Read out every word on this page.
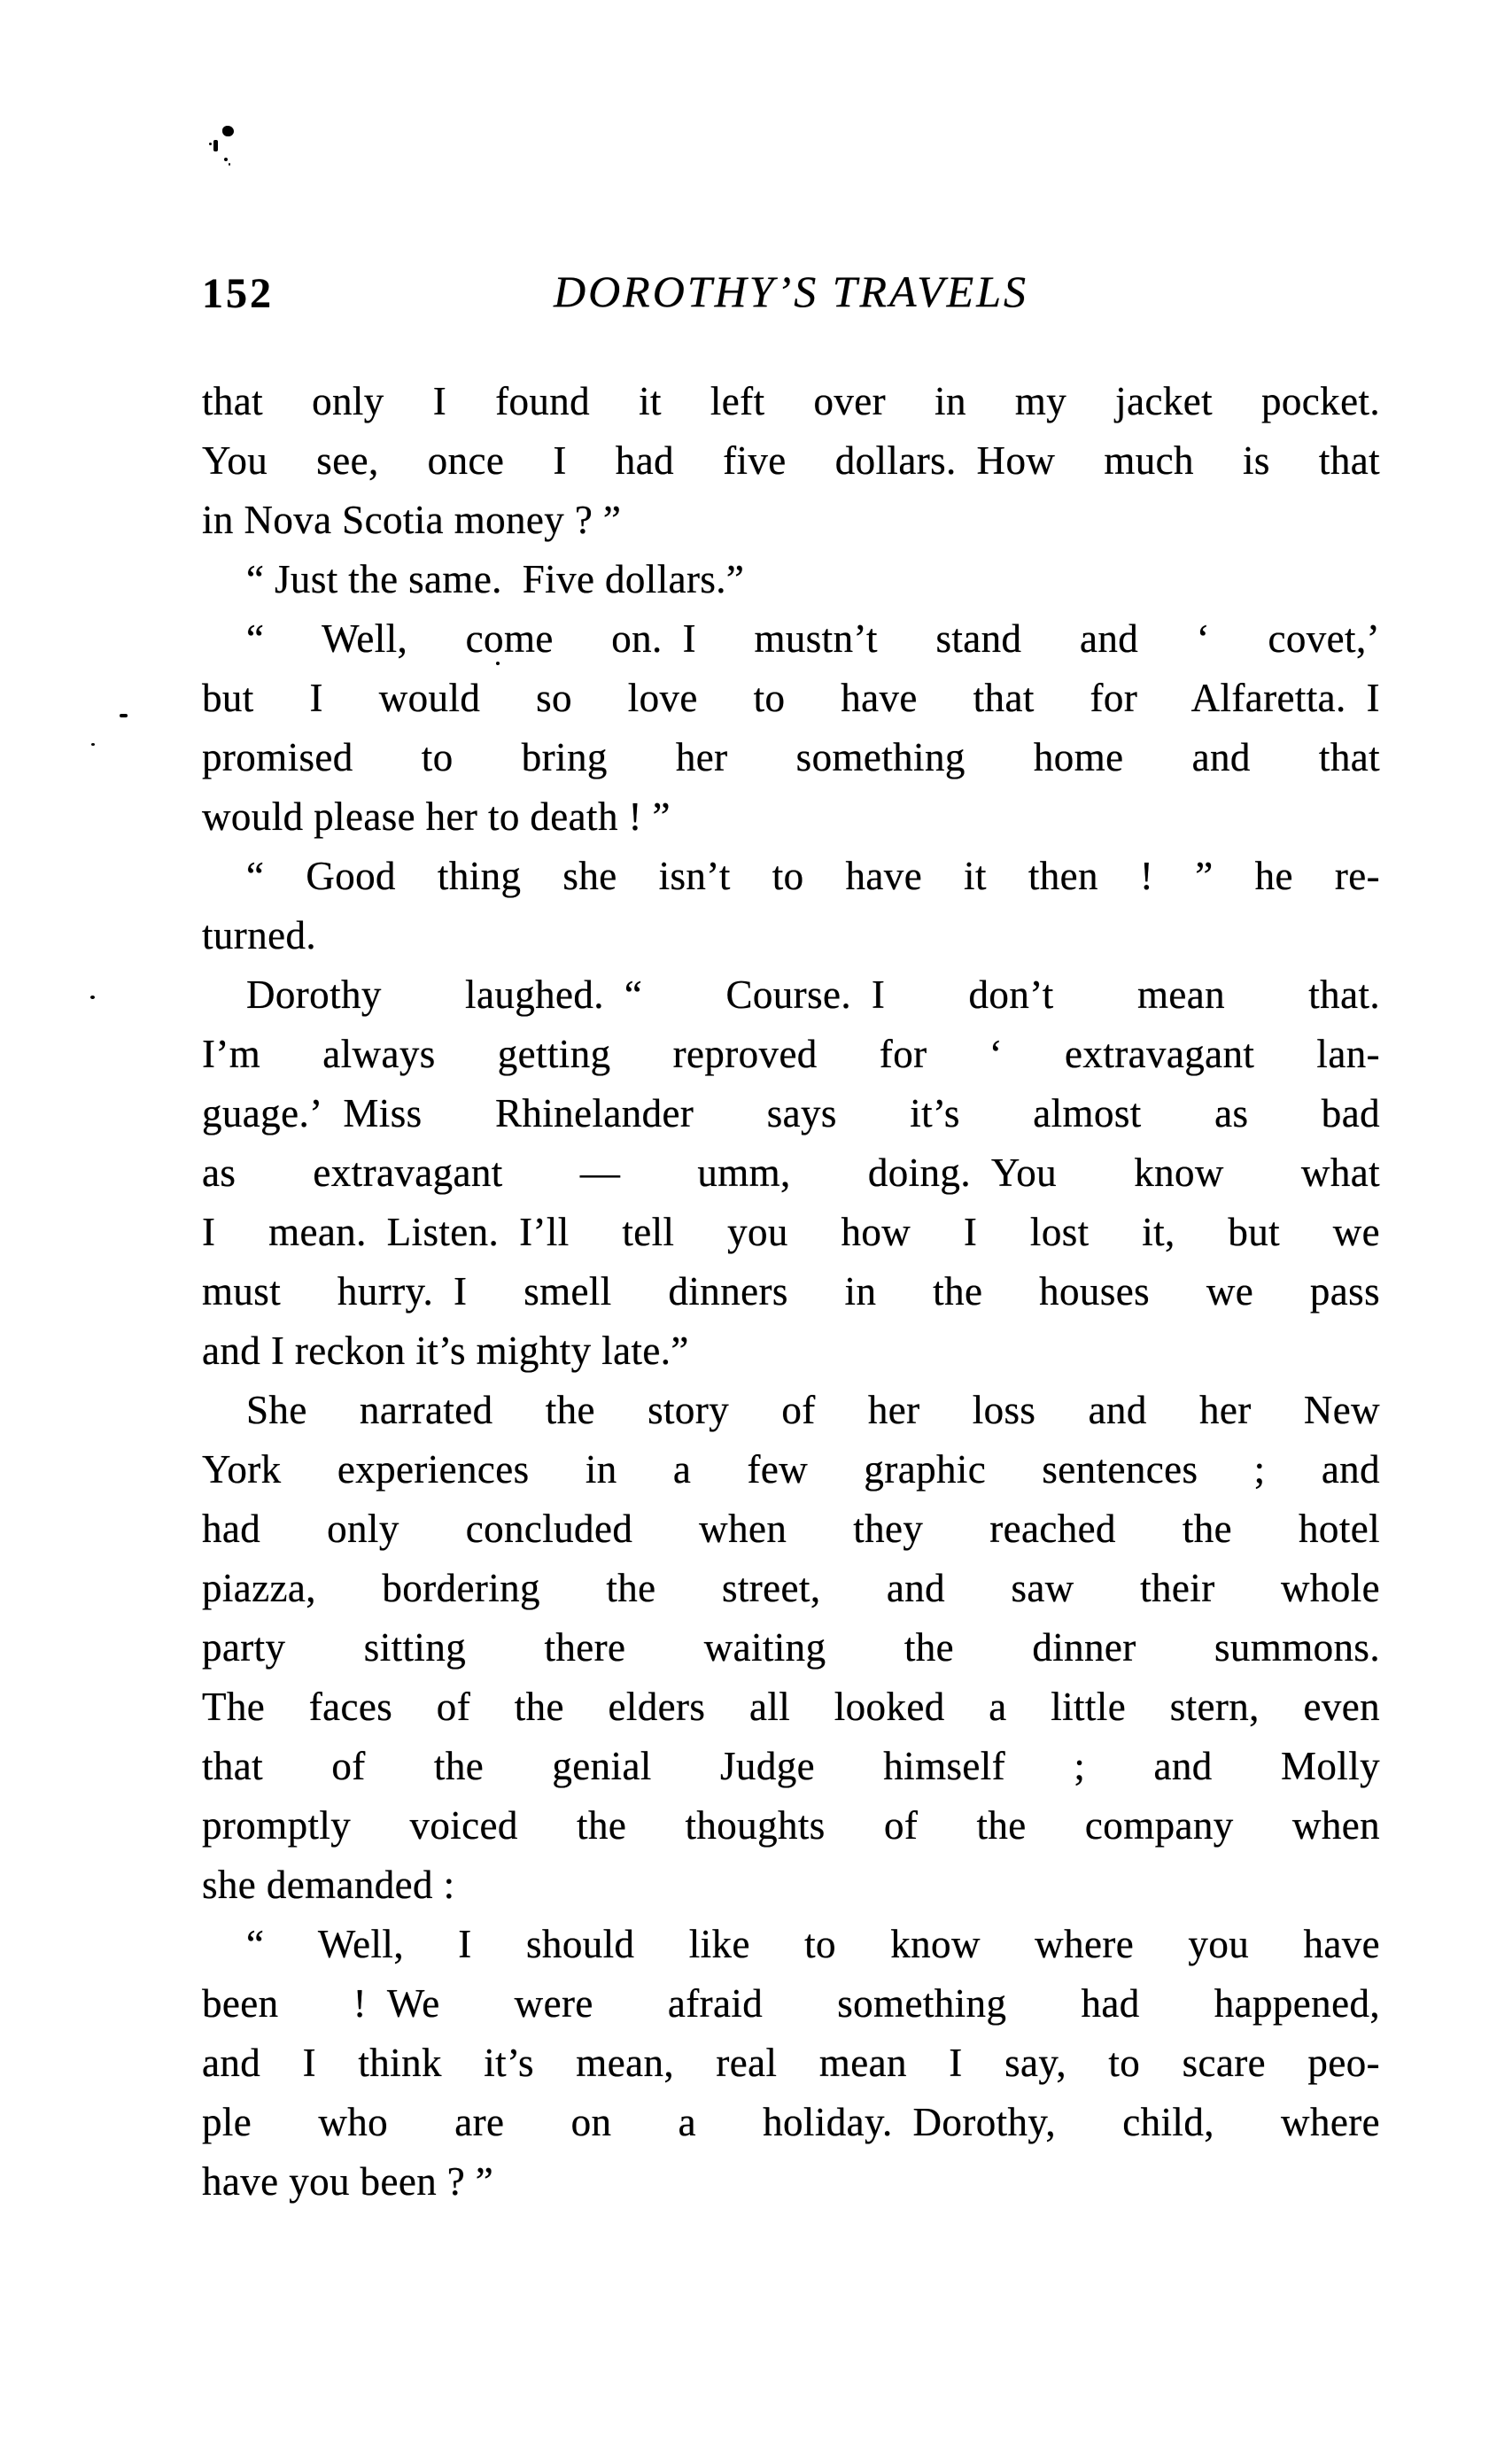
152	DOROTHY’S TRAVELS
that only I found it left over in my jacket pocket.
You see, once I had five dollars. How much is that
in Nova Scotia money ? ”
“ Just the same. Five dollars.”
“ Well, come on. I mustn’t stand and ‘ covet,’
but I would so love to have that for Alfaretta. I
promised to bring her something home and that
would please her to death ! ”
“ Good thing she isn’t to have it then ! ” he re-
turned.
Dorothy laughed. “ Course. I don’t mean that.
I’m always getting reproved for ‘ extravagant lan-
guage.’ Miss Rhinelander says it’s almost as bad
as extravagant — umm, doing. You know what
I mean. Listen. I’ll tell you how I lost it, but we
must hurry. I smell dinners in the houses we pass
and I reckon it’s mighty late.”
She narrated the story of her loss and her New
York experiences in a few graphic sentences ; and
had only concluded when they reached the hotel
piazza, bordering the street, and saw their whole
party sitting there waiting the dinner summons.
The faces of the elders all looked a little stern, even
that of the genial Judge himself ; and Molly
promptly voiced the thoughts of the company when
she demanded :
“ Well, I should like to know where you have
been ! We were afraid something had happened,
and I think it’s mean, real mean I say, to scare peo-
ple who are on a holiday. Dorothy, child, where
have you been ? ”
